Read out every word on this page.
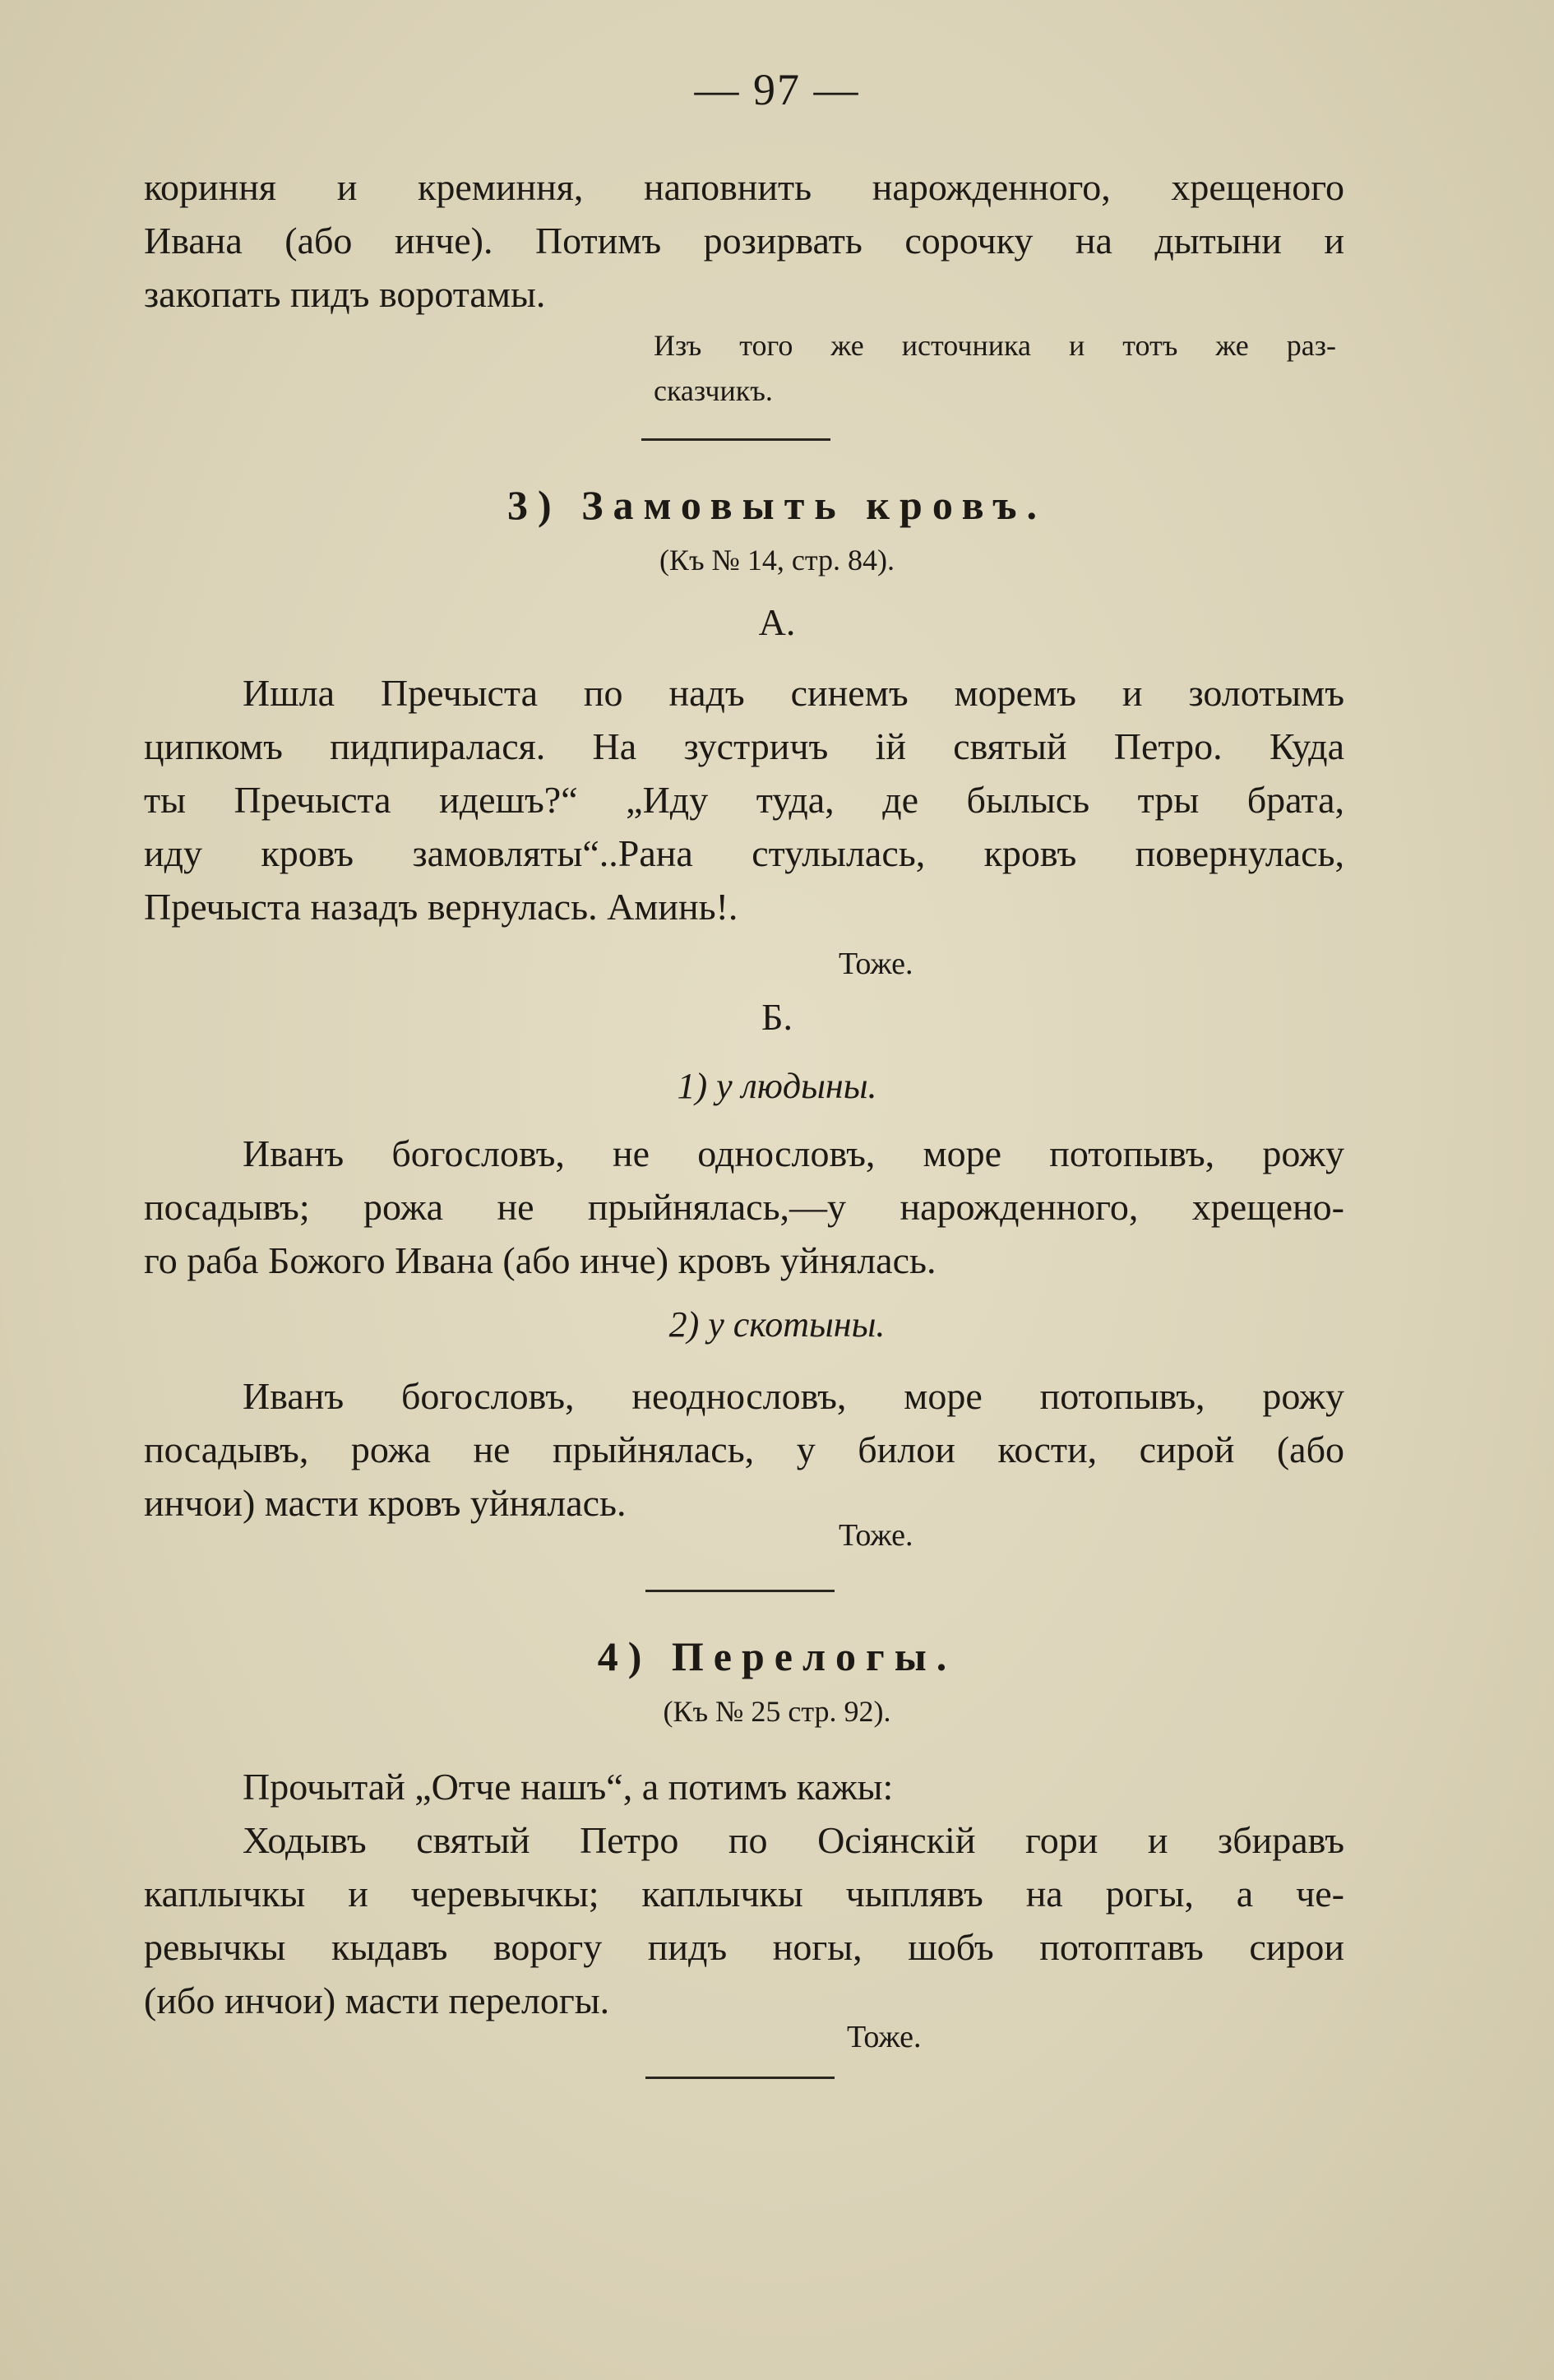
— 97 —

кориння и креминня, наповнить нарожденного, хрещеного

Ивана (або инче). Потимъ розирвать сорочку на дытыни и

закопать пидъ воротамы.

Изъ того же источника и тотъ же раз-
сказчикъ.
3) Замовыть кровъ.
(Къ № 14, стр. 84).
А.

Ишла Пречыста по надъ синемъ моремъ и золотымъ

ципкомъ пидпиралася. На зустричъ ій святый Петро. Куда

ты Пречыста идешъ?“ „Иду туда, де былысь тры брата,

иду кровъ замовляты“..Рана стулылась, кровъ повернулась,

Пречыста назадъ вернулась. Аминь!.

Тоже.
Б.
1) у людыны.

Иванъ богословъ, не однословъ, море потопывъ, рожу

посадывъ; рожа не прыйнялась,—у нарожденного, хрещено-

го раба Божого Ивана (або инче) кровъ уйнялась.

2) у скотыны.

Иванъ богословъ, неоднословъ, море потопывъ, рожу

посадывъ, рожа не прыйнялась, у билои кости, сирой (або

инчои) масти кровъ уйнялась.

Тоже.
4) Перелогы.
(Къ № 25 стр. 92).

Прочытай „Отче нашъ“, а потимъ кажы:

Ходывъ святый Петро по Осіянскій гори и збиравъ

каплычкы и черевычкы; каплычкы чыплявъ на рогы, а че-

ревычкы кыдавъ ворогу пидъ ногы, шобъ потоптавъ сирои

(ибо инчои) масти перелогы.

Тоже.
